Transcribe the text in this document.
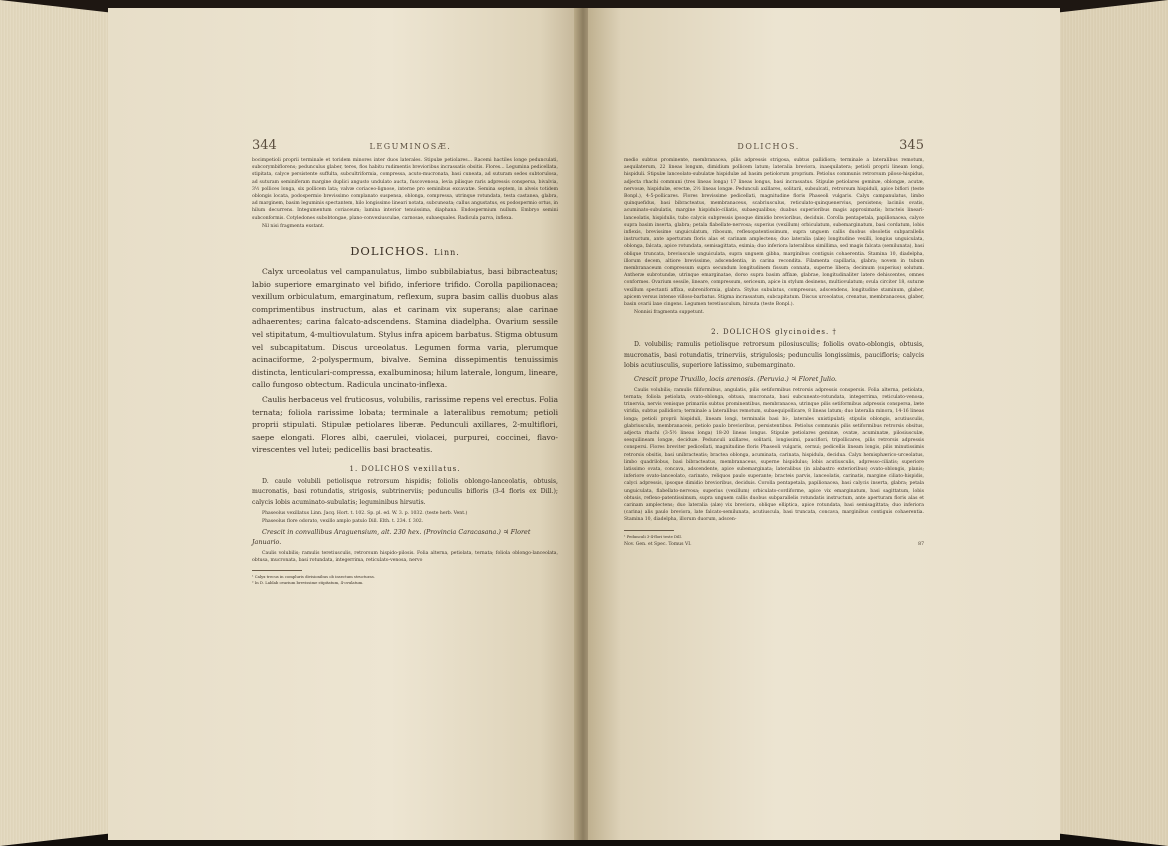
344	LEGUMINOSÆ.

bocimpetioli proprii terminale et toridem minores inter duos laterales. Stipulæ petiolares... Racemi hactiles longe pedunculati, subcorymbiflorens; pedunculus glaber, teres, flos habitu rudimentis brevioribus incrassatis obsitis. Flores... Legumina pedicellata, stipitata, calyce persistente suffulta, subcultriformia, compressa, acuto-mucronata, basi cuneata, ad suturam sedes subtorulosa, ad suturam seminiferam margine duplici angusto undulato aucta, fuscovenosa, levia pilisque raris adpressis conspersa, bivalvia, 3½ pollices longa, six pollicem lata; valvæ coriaceo-lignose, interne pro seminibus excavatæ. Semina septem, in alveis totidem oblongis locata, podospermio brevissimo complanato suspensa, oblonga, compressa, utrinque rotundata, testa castanea, glabra, ad marginem, basim leguminis spectantem, hilo longissimo lineari notata, subcuneata; callus angustatus, ex podospermio ortus, in hilum decurrens. Integumentum coriaceum; lamina interior tenuissima, diaphana. Endospermium nullum. Embryo semini subconformis. Cotyledones subobtongae, plano-convexiusculae, carnosae, subaequales. Radicula parva, inflexa.

Nil nisi fragmenta exstant.

DOLICHOS. Linn.

Calyx urceolatus vel campanulatus, limbo subbilabiatus, basi bibracteatus; labio superiore emarginato vel bifido, inferiore trifido. Corolla papilionacea; vexillum orbiculatum, emarginatum, reflexum, supra basim callis duobus alas comprimentibus instructum, alas et carinam vix superans; alae carinae adhaerentes; carina falcato-adscendens. Stamina diadelpha. Ovarium sessile vel stipitatum, 4-multiovulatum. Stylus infra apicem barbatus. Stigma obtusum vel subcapitatum. Discus urceolatus. Legumen forma varia, plerumque acinaciforme, 2-polyspermum, bivalve. Semina dissepimentis tenuissimis distincta, lenticulari-compressa, exalbuminosa; hilum laterale, longum, lineare, callo fungoso obtectum. Radicula uncinato-inflexa.

Caulis herbaceus vel fruticosus, volubilis, rarissime repens vel erectus. Folia ternata; foliola rarissime lobata; terminale a lateralibus remotum; petioli proprii stipulati. Stipulæ petiolares liberæ. Pedunculi axillares, 2-multiflori, saepe elongati. Flores albi, caerulei, violacei, purpurei, coccinei, flavo-virescentes vel lutei; pedicellis basi bracteatis.

1. DOLICHOS vexillatus.

D. caule volubili petiolisque retrorsum hispidis; foliolis oblongo-lanceolatis, obtusis, mucronatis, basi rotundatis, strigosis, subtrinerviis; pedunculis bifloris (3-4 floris ex Dill.); calycis lobis acuminato-subulatis; leguminibus hirsutis.

Phaseolus vexillatus Linn. Jacq. Hort. t. 102. Sp. pl. ed. W. 3. p. 1032. (teste herb. Vent.)

Phaseolus flore odorato, vexillo amplo patulo Dill. Elth. t. 234. f. 302.

Crescit in convallibus Araguensium, alt. 230 hex. (Provincia Caracasana.) ♃ Floret Januario.

Caulis volubilis; ramulis teretiusculis, retrorsum hispido-pilosis. Folia alterna, petiolata, ternata; foliola oblongo-lanceolata, obtusa, mucronata, basi rotundata, integerrima, reticulato-venosa, nervo

¹ Calyx trecus in compluris divisionibus ob insectum structuras.

² In D. Lablab ovarium brevissime stipitatum, 4-ovulatum.

DOLICHOS.	345

medio subtus prominente, membranacea, pilis adpressis strigosa, subtus pallidiora; terminale a lateralibus remotum, aequilaterum, 22 lineas longum, dimidium pollicem latum; lateralia breviora, inaequilatera; petioli proprii lineam longi, hispiduli. Stipulæ lanceolato-subulatæ hispidulæ ad basim petiolorum proprium. Petiolus communis retrorsum piloso-hispidus, adjecta rhachi communi (tres lineas longa) 17 lineas longus, basi incrassatus. Stipulæ petiolares geminæ, oblongæ, acutæ, nervosæ, hispidulæ, erectæ, 2½ lineas longæ. Pedunculi axillares, solitarii, subsulcati, retrorsum hispiduli, apice biflori (teste Bonpl.), 4-5-pollicares. Flores brevissime pedicellati, magnitudine floris Phaseoli vulgaris. Calyx campanulatus, limbo quinquefidus, basi bibracteatus, membranaceus, scabriusculus, reticulato-quinquenervius, persistens; laciniis ovatis, acuminato-subulatis, margine hispidulo-ciliatis, subaequalibus; duabus superioribus magis approximatis; bracteis lineari-lanceolatis, hispidulis, tubo calycis subpressis ipsoque dimidio brevioribus, deciduis. Corolla pentapetala, papilionacea, calyce supra basim inserta, glabra; petala flabellate-nervosa; superius (vexillum) orbiculatum, subemarginatum, basi cordatum, lobis inflexis, brevissime unguiculatum, ribosum, reflexopatentissimum, supra unguem callis duobus obsoletis subparallelis instructum, ante aperturam floris alas et carinam amplectens; duo lateralia (alæ) longitudine vexilli, longius unguiculata, oblonga, falcata, apice rotundata, semisagittata, eximia; duo inferiora lateralibus simillima, sed magis falcata (semilunata), basi oblique truncata, breviuscule unguiculata, supra unguem gibba, marginibus contiguis cohaerentia. Stamina 10, diadelpha, illorum decem, altiore brevissime, adscendentia, in carina recondita. Filamenta capillaria, glabra; novem in tubum membranaceum compressum supra secundum longitudinem fissum connata, superne libera; decimum (superius) solutum. Antheræ subrotundæ, utrinque emarginatae, dorso supra basim affixæ, glabrae, longitudinaliter latere dehiscentes, omnes conformes. Ovarium sessile, lineare, compressum, sericeum, apice in stylum desinens, multiovulatum; ovula circiter 18, suturæ vexillum spectanti affixa, subreniformia, glabra. Stylus subulatus, compressus, adscendens, longitudine staminum, glaber, apicem versus intense villoso-barbatus. Stigma incrassatum, subcapitatum. Discus urceolatus, crenatus, membranaceus, glaber, basin ovarii laxe cingens. Legumen teretiusculum, hirsuta (teste Bonpl.).

Nonnisi fragmenta suppetunt.

2. DOLICHOS glycinoides. †

D. volubilis; ramulis petiolisque retrorsum pilosiusculis; foliolis ovato-oblongis, obtusis, mucronatis, basi rotundatis, trinerviis, strigulosis; pedunculis longissimis, paucifloris; calycis lobis acutiusculis, superiore latissimo, subemarginato.

Crescit prope Truxillo, locis arenosis. (Peruvia.) ♃ Floret Julio.

Caulis volubilis; ramulis filiformibus, angulatis, pilis setiformibus retrorsis adpressis conspersis. Folia alterna, petiolata, ternata; foliola petiolata, ovato-oblonga, obtusa, mucronata, basi subcuneato-rotundata, integerrima, reticulato-venosa, trinervia, nervis venisque primariis subtus prominentibus, membranacea, utrinque pilis setiformibus adpressis conspersa, læte viridia, subtus pallidiora; terminale a lateralibus remotum, subaequipollicare, 8 lineas latum; duo lateralia minora, 14-16 lineas longa; petioli proprii hispiduli, lineam longi, terminalis basi bi-, laterales unistipulati; stipulis oblongis, acutiusculis, glabriusculis, membranaceis, petiolo paulo brevioribus, persistentibus. Petiolus communis pilis setiformibus retrorsis obsitus, adjecta rhachi (3-5½ lineas longa) 18-20 lineas longus. Stipulæ petiolares geminæ, ovatæ, acuminatæ, pilosiusculæ, sesquilineam longæ, deciduæ. Pedunculi axillares, solitarii, longissimi, pauciflori, tripollicares, pilis retrorsis adpressis conspersi. Flores breviter pedicellati, magnitudine floris Phaseoli vulgaris, cernui; pedicellis lineam longis, pilis minutissimis retrorsis obsitis, basi unibracteatis; bractea oblonga, acuminata, carinata, hispidula, decidua. Calyx hemisphærico-urceolatus, limbo quadrilobus, basi bibracteatus, membranaceus, superne hispidulus; lobis acutiusculis, adpresso-ciliatis; superiore latissimo ovata, concava, adscendente, apice subemarginata; lateralibus (in alabastro exterioribus) ovato-oblongis, planis; inferiore ovato-lanceolato, carinato, reliquos paulo superante; bracteis parvis, lanceolatis, carinatis, margine ciliato-hispidis, calyci adpressis, ipsoque dimidio brevioribus, deciduis. Corolla pentapetala, papilionacea, basi calycis inserta, glabra; petala unguiculata, flabellato-nervosa; superius (vexillum) orbiculato-cordiforme, apice vix emarginatum, basi sagittatum, lobis obtusis, reflexo-patentissimum, supra unguem callis duobus subparallelis rotundatis instructum, ante aperturam floris alas et carinam amplectens; duo lateralia (alæ) vix breviora, oblique elliptica, apice rotundata, basi semisagittata; duo inferiora (carina) alis paulo breviora, late falcato-semilunata, acutiuscula, basi truncata, concava, marginibus contiguis cohaerentia. Stamina 10, diadelpha, illorum duorum, adscen-

¹ Pedunculi 3-4-flori teste Dill.

Nov. Gen. et Spec. Tomus VI.	87
